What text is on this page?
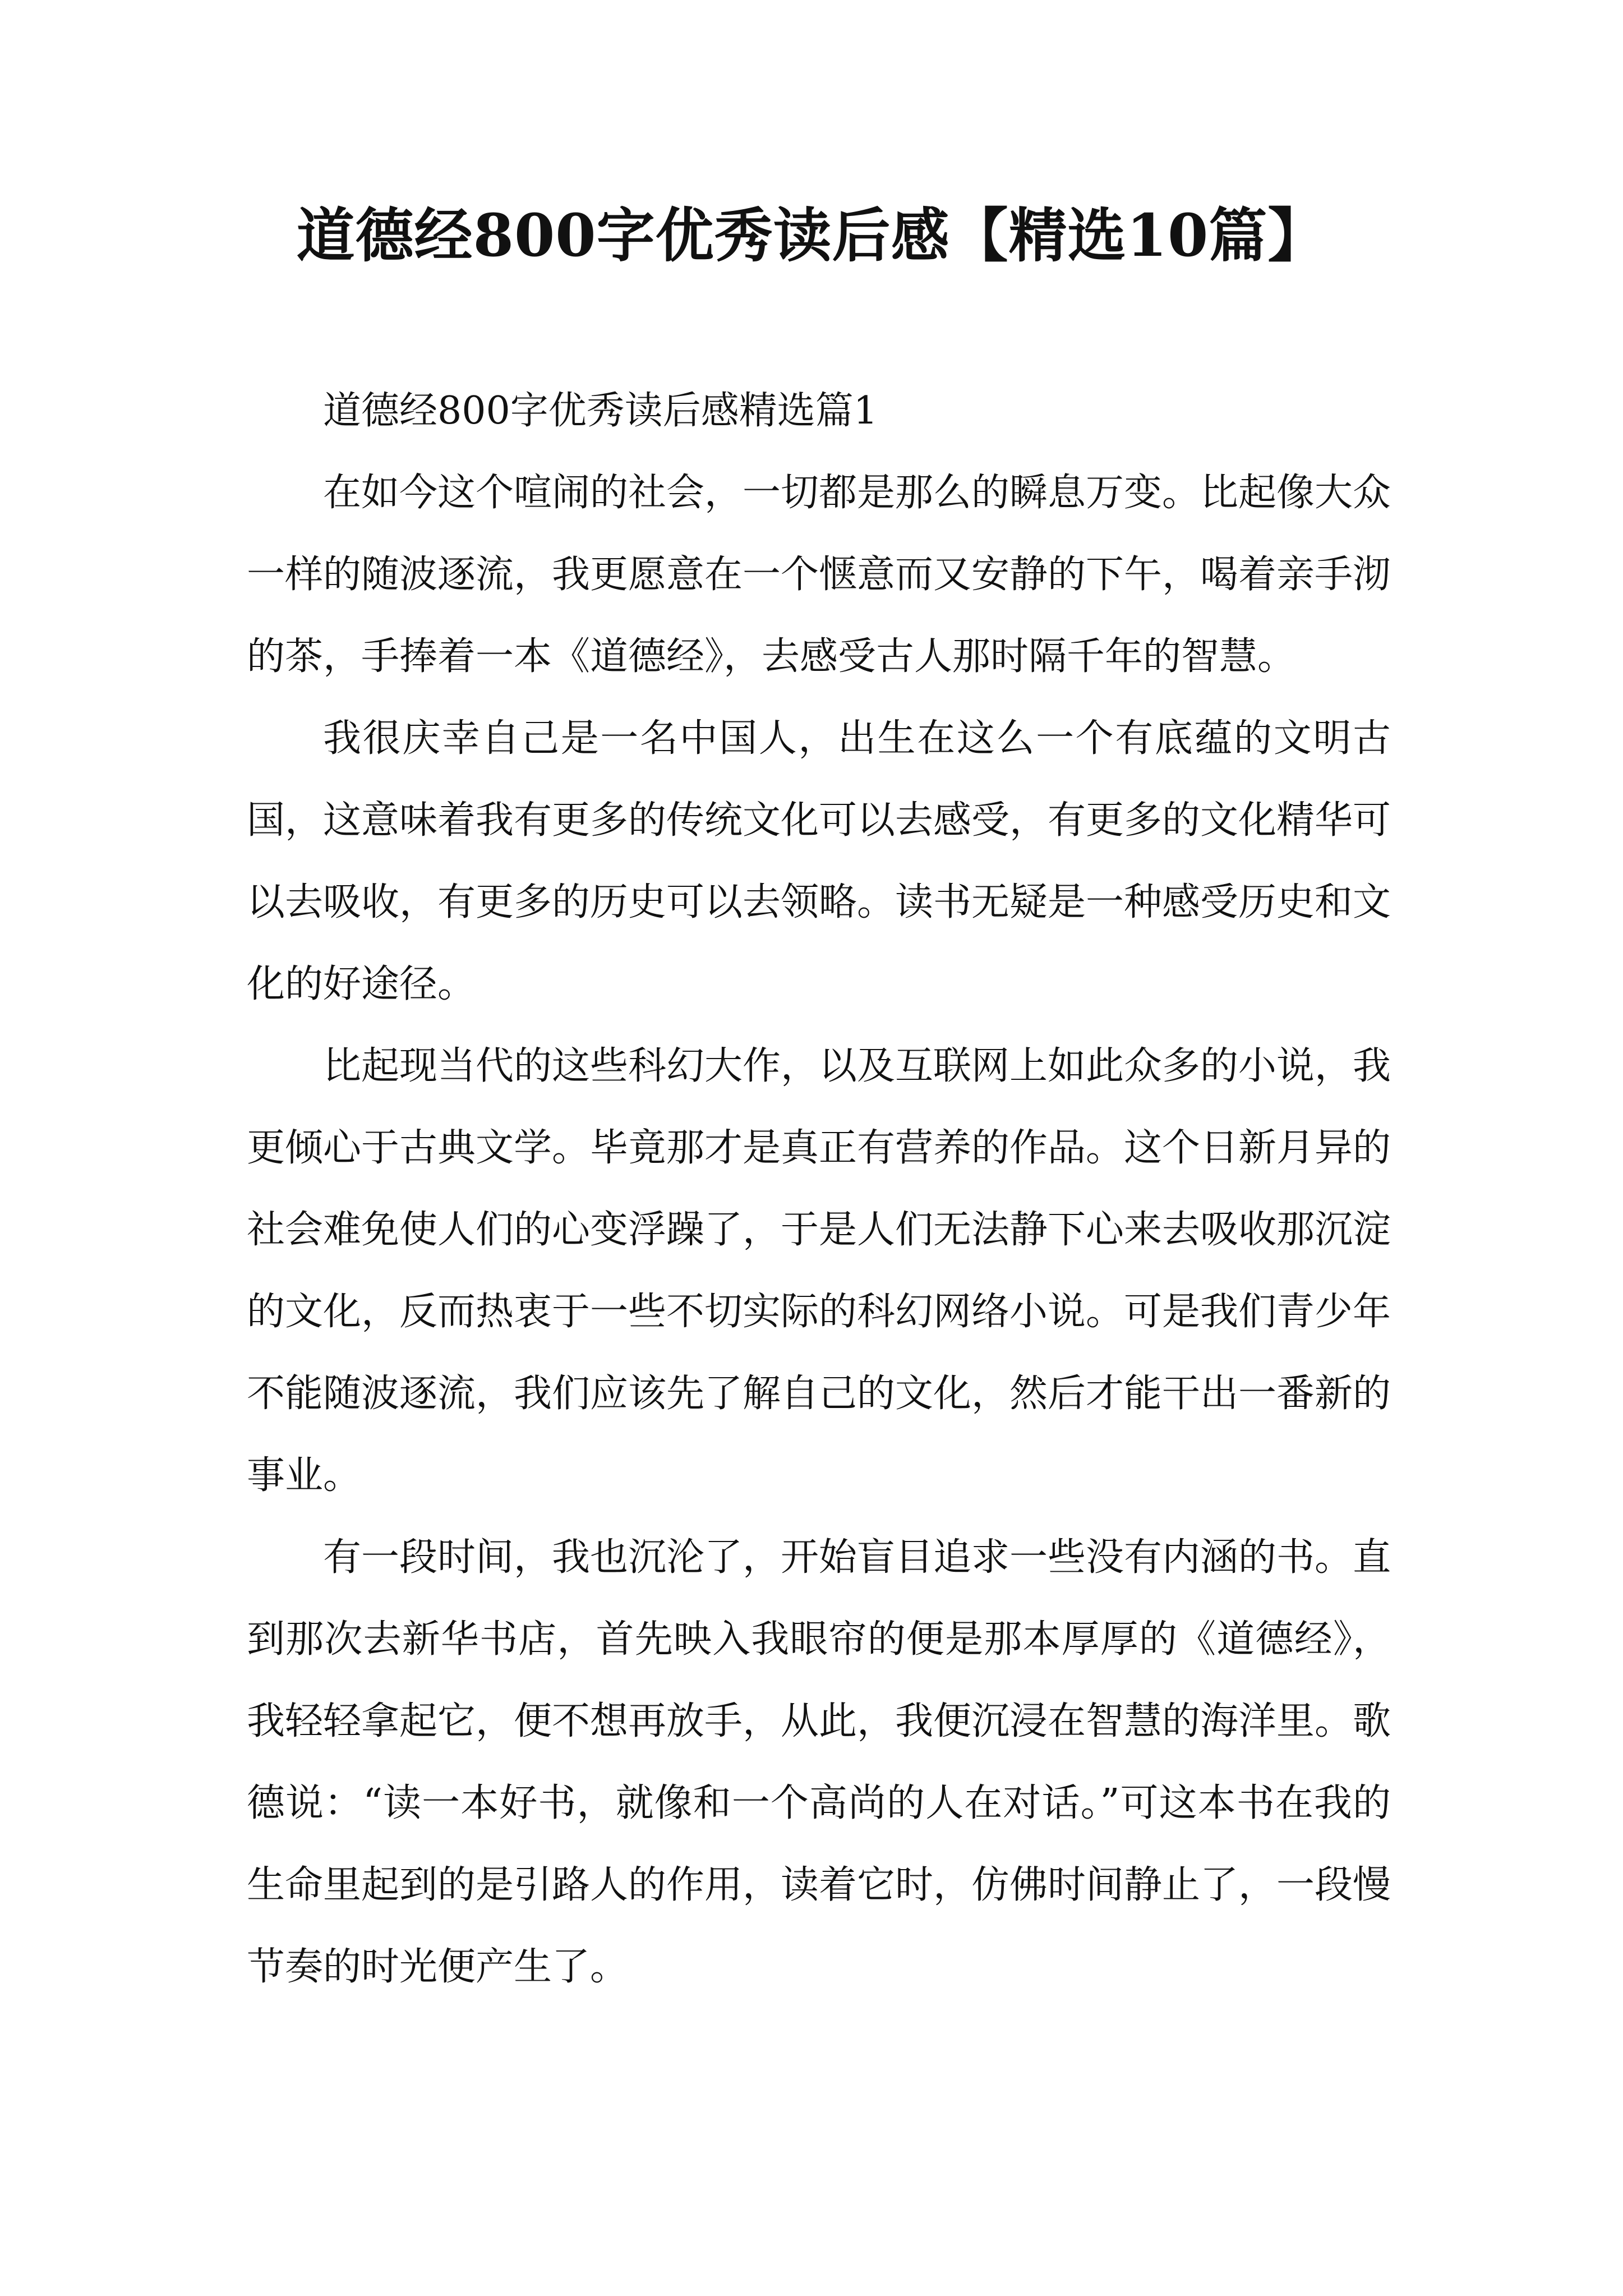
道德经800字优秀读后感【精选10篇】

道德经800字优秀读后感精选篇1

在如今这个喧闹的社会，一切都是那么的瞬息万变。比起像大众一样的随波逐流，我更愿意在一个惬意而又安静的下午，喝着亲手沏的茶，手捧着一本《道德经》，去感受古人那时隔千年的智慧。

我很庆幸自己是一名中国人，出生在这么一个有底蕴的文明古国，这意味着我有更多的传统文化可以去感受，有更多的文化精华可以去吸收，有更多的历史可以去领略。读书无疑是一种感受历史和文化的好途径。

比起现当代的这些科幻大作，以及互联网上如此众多的小说，我更倾心于古典文学。毕竟那才是真正有营养的作品。这个日新月异的社会难免使人们的心变浮躁了，于是人们无法静下心来去吸收那沉淀的文化，反而热衷于一些不切实际的科幻网络小说。可是我们青少年不能随波逐流，我们应该先了解自己的文化，然后才能干出一番新的事业。

有一段时间，我也沉沦了，开始盲目追求一些没有内涵的书。直到那次去新华书店，首先映入我眼帘的便是那本厚厚的《道德经》，我轻轻拿起它，便不想再放手，从此，我便沉浸在智慧的海洋里。歌德说：“读一本好书，就像和一个高尚的人在对话。”可这本书在我的生命里起到的是引路人的作用，读着它时，仿佛时间静止了，一段慢节奏的时光便产生了。
